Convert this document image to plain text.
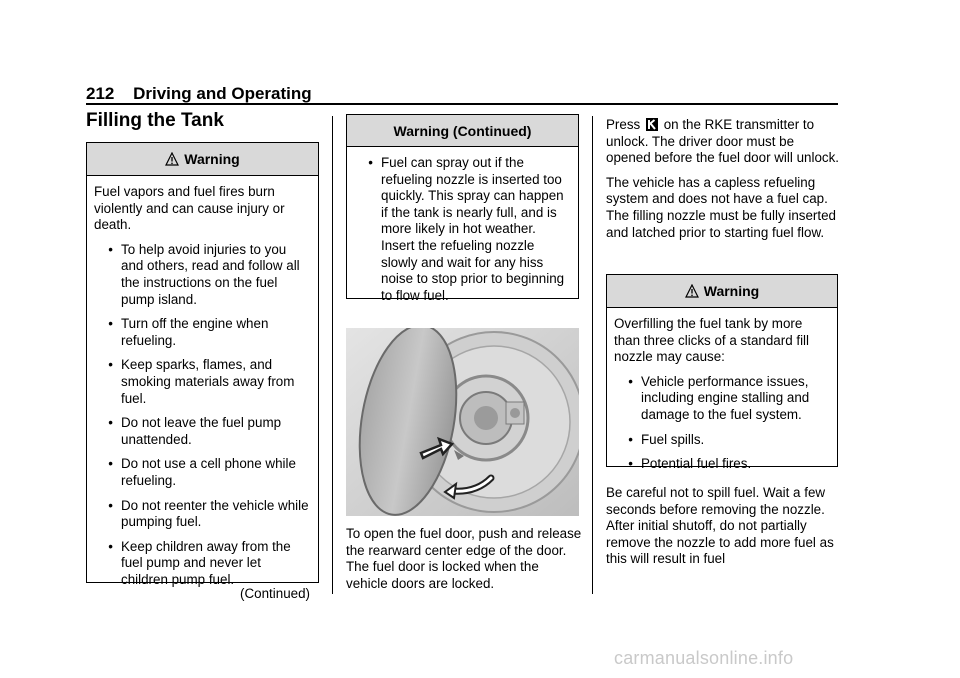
212 Driving and Operating
Filling the Tank
Warning
Fuel vapors and fuel fires burn violently and can cause injury or death.
• To help avoid injuries to you and others, read and follow all the instructions on the fuel pump island.
• Turn off the engine when refueling.
• Keep sparks, flames, and smoking materials away from fuel.
• Do not leave the fuel pump unattended.
• Do not use a cell phone while refueling.
• Do not reenter the vehicle while pumping fuel.
• Keep children away from the fuel pump and never let children pump fuel.
(Continued)
Warning (Continued)
• Fuel can spray out if the refueling nozzle is inserted too quickly. This spray can happen if the tank is nearly full, and is more likely in hot weather. Insert the refueling nozzle slowly and wait for any hiss noise to stop prior to beginning to flow fuel.
To open the fuel door, push and release the rearward center edge of the door. The fuel door is locked when the vehicle doors are locked.

Press on the RKE transmitter to unlock. The driver door must be opened before the fuel door will unlock.

The vehicle has a capless refueling system and does not have a fuel cap. The filling nozzle must be fully inserted and latched prior to starting fuel flow.

Warning
Overfilling the fuel tank by more than three clicks of a standard fill nozzle may cause:
• Vehicle performance issues, including engine stalling and damage to the fuel system.
• Fuel spills.
• Potential fuel fires.
Be careful not to spill fuel. Wait a few seconds before removing the nozzle. After initial shutoff, do not partially remove the nozzle to add more fuel as this will result in fuel
carmanualsonline.info
